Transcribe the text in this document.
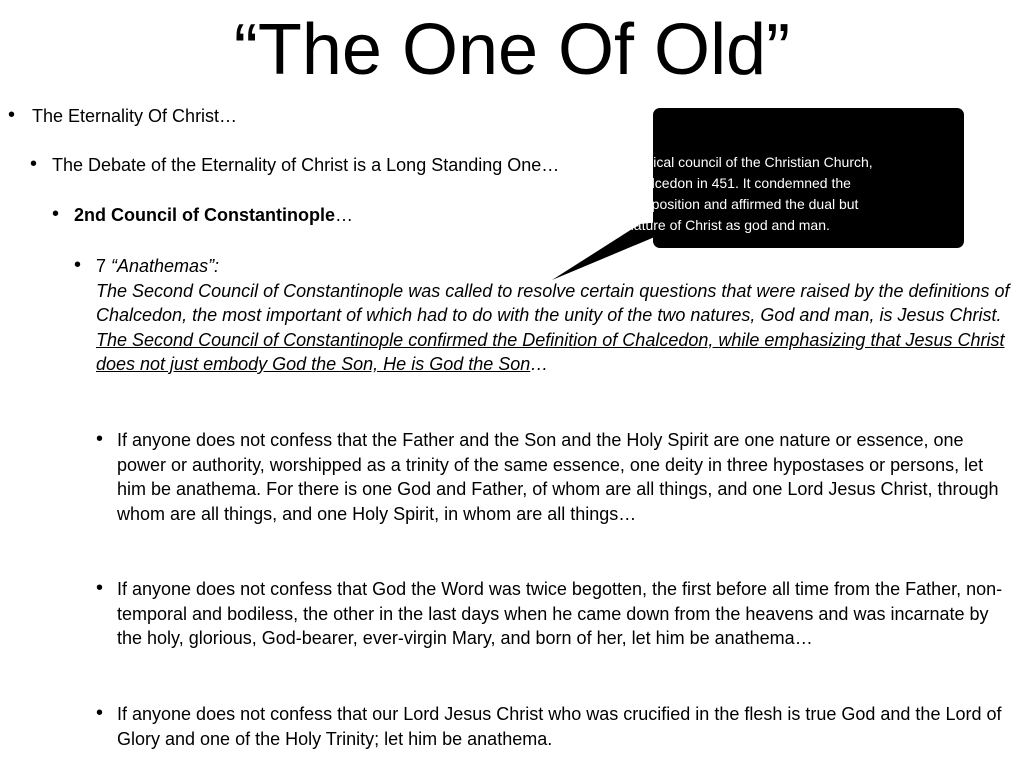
“The One Of Old”
• The Eternality Of Christ…
• The Debate of the Eternality of Christ is a Long Standing One…
• 2nd Council of Constantinople…
• 7 “Anathemas”:
The Second Council of Constantinople was called to resolve certain questions that were raised by the definitions of Chalcedon, the most important of which had to do with the unity of the two natures, God and man, is Jesus Christ. The Second Council of Constantinople confirmed the Definition of Chalcedon, while emphasizing that Jesus Christ does not just embody God the Son, He is God the Son…
• If anyone does not confess that the Father and the Son and the Holy Spirit are one nature or essence, one power or authority, worshipped as a trinity of the same essence, one deity in three hypostases or persons, let him be anathema. For there is one God and Father, of whom are all things, and one Lord Jesus Christ, through whom are all things, and one Holy Spirit, in whom are all things…
• If anyone does not confess that God the Word was twice begotten, the first before all time from the Father, non- temporal and bodiless, the other in the last days when he came down from the heavens and was incarnate by the holy, glorious, God-bearer, ever-virgin Mary, and born of her, let him be anathema…
• If anyone does not confess that our Lord Jesus Christ who was crucified in the flesh is true God and the Lord of Glory and one of the Holy Trinity; let him be anathema.
menical council of the Christian Church,
Chalcedon in 451. It condemned the
site position and affirmed the dual but
nature of Christ as god and man.
One
